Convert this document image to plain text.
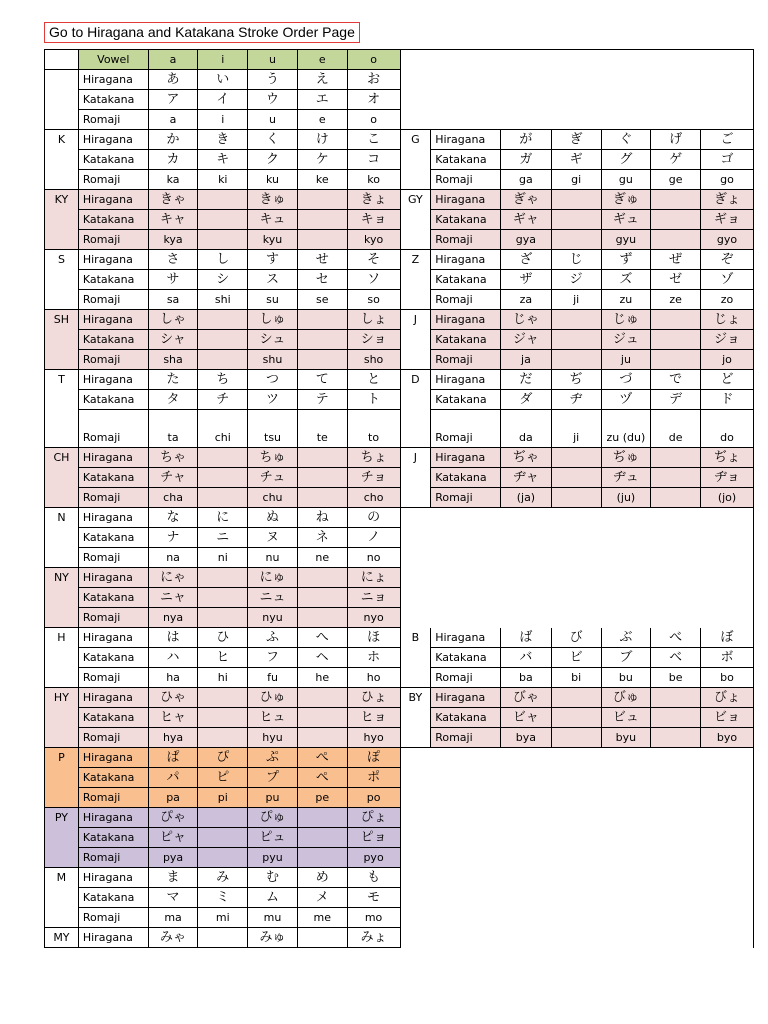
Go to Hiragana and Katakana Stroke Order Page
	Vowel	a	i	u	e	o							
	Hiragana	あ	い	う	え	お							
	Katakana	ア	イ	ウ	エ	オ							
	Romaji	a	i	u	e	o							
K	Hiragana	か	き	く	け	こ	G	Hiragana	が	ぎ	ぐ	げ	ご
	Katakana	カ	キ	ク	ケ	コ		Katakana	ガ	ギ	グ	ゲ	ゴ
	Romaji	ka	ki	ku	ke	ko		Romaji	ga	gi	gu	ge	go
KY	Hiragana	きゃ		きゅ		きょ	GY	Hiragana	ぎゃ		ぎゅ		ぎょ
	Katakana	キャ		キュ		キョ		Katakana	ギャ		ギュ		ギョ
	Romaji	kya		kyu		kyo		Romaji	gya		gyu		gyo
S	Hiragana	さ	し	す	せ	そ	Z	Hiragana	ざ	じ	ず	ぜ	ぞ
	Katakana	サ	シ	ス	セ	ソ		Katakana	ザ	ジ	ズ	ゼ	ゾ
	Romaji	sa	shi	su	se	so		Romaji	za	ji	zu	ze	zo
SH	Hiragana	しゃ		しゅ		しょ	J	Hiragana	じゃ		じゅ		じょ
	Katakana	シャ		シュ		ショ		Katakana	ジャ		ジュ		ジョ
	Romaji	sha		shu		sho		Romaji	ja		ju		jo
T	Hiragana	た	ち	つ	て	と	D	Hiragana	だ	ぢ	づ	で	ど
	Katakana	タ	チ	ツ	テ	ト		Katakana	ダ	ヂ	ヅ	デ	ド
	Romaji	ta	chi	tsu	te	to		Romaji	da	ji	zu (du)	de	do
CH	Hiragana	ちゃ		ちゅ		ちょ	J	Hiragana	ぢゃ		ぢゅ		ぢょ
	Katakana	チャ		チュ		チョ		Katakana	ヂャ		ヂュ		ヂョ
	Romaji	cha		chu		cho		Romaji	(ja)		(ju)		(jo)
N	Hiragana	な	に	ぬ	ね	の							
	Katakana	ナ	ニ	ヌ	ネ	ノ							
	Romaji	na	ni	nu	ne	no							
NY	Hiragana	にゃ		にゅ		にょ							
	Katakana	ニャ		ニュ		ニョ							
	Romaji	nya		nyu		nyo							
H	Hiragana	は	ひ	ふ	へ	ほ	B	Hiragana	ば	び	ぶ	べ	ぼ
	Katakana	ハ	ヒ	フ	ヘ	ホ		Katakana	バ	ビ	ブ	ベ	ボ
	Romaji	ha	hi	fu	he	ho		Romaji	ba	bi	bu	be	bo
HY	Hiragana	ひゃ		ひゅ		ひょ	BY	Hiragana	びゃ		びゅ		びょ
	Katakana	ヒャ		ヒュ		ヒョ		Katakana	ビャ		ビュ		ビョ
	Romaji	hya		hyu		hyo		Romaji	bya		byu		byo
P	Hiragana	ぱ	ぴ	ぷ	ぺ	ぽ							
	Katakana	パ	ピ	プ	ペ	ポ							
	Romaji	pa	pi	pu	pe	po							
PY	Hiragana	ぴゃ		ぴゅ		ぴょ							
	Katakana	ピャ		ピュ		ピョ							
	Romaji	pya		pyu		pyo							
M	Hiragana	ま	み	む	め	も							
	Katakana	マ	ミ	ム	メ	モ							
	Romaji	ma	mi	mu	me	mo							
MY	Hiragana	みゃ		みゅ		みょ							
